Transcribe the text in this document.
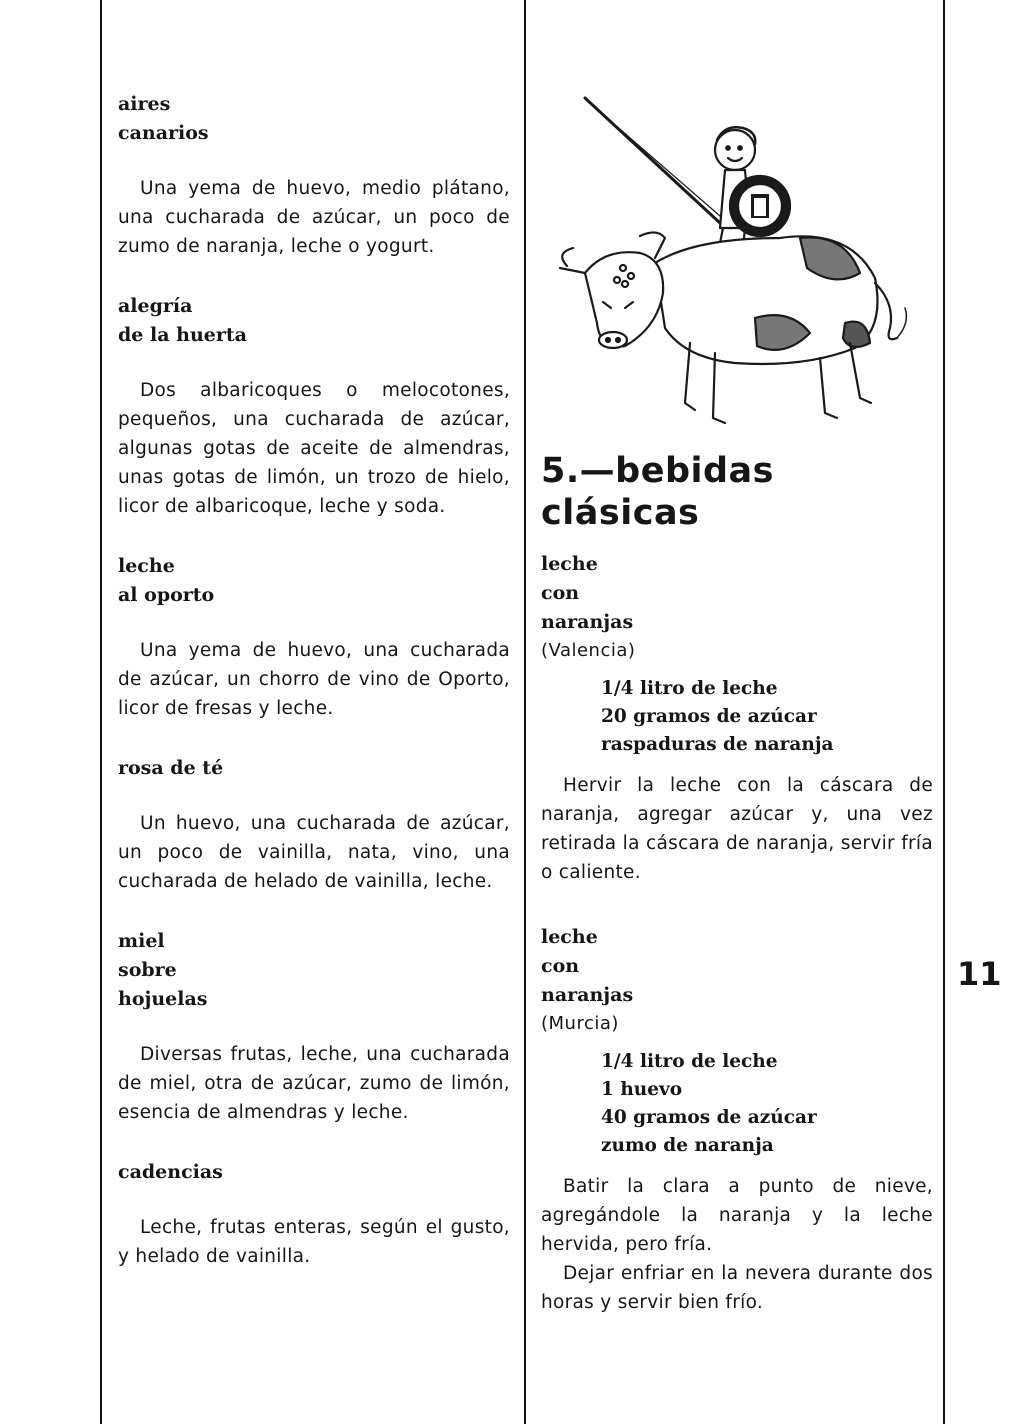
aires
canarios

Una yema de huevo, medio plátano, una cucharada de azúcar, un poco de zumo de naranja, leche o yogurt.

alegría
de la huerta

Dos albaricoques o melocotones, pequeños, una cucharada de azúcar, algunas gotas de aceite de almendras, unas gotas de limón, un trozo de hielo, licor de albaricoque, leche y soda.

leche
al oporto

Una yema de huevo, una cucharada de azúcar, un chorro de vino de Oporto, licor de fresas y leche.

rosa de té

Un huevo, una cucharada de azúcar, un poco de vainilla, nata, vino, una cucharada de helado de vainilla, leche.

miel
sobre
hojuelas

Diversas frutas, leche, una cucharada de miel, otra de azúcar, zumo de limón, esencia de almendras y leche.

cadencias

Leche, frutas enteras, según el gusto, y helado de vainilla.

5.—bebidas
clásicas
leche
con
naranjas
(Valencia)
1/4 litro de leche
20 gramos de azúcar
raspaduras de naranja

Hervir la leche con la cáscara de naranja, agregar azúcar y, una vez retirada la cáscara de naranja, servir fría o caliente.

leche
con
naranjas
(Murcia)
1/4 litro de leche
1 huevo
40 gramos de azúcar
zumo de naranja

Batir la clara a punto de nieve, agregándole la naranja y la leche hervida, pero fría.

Dejar enfriar en la nevera durante dos horas y servir bien frío.

11
